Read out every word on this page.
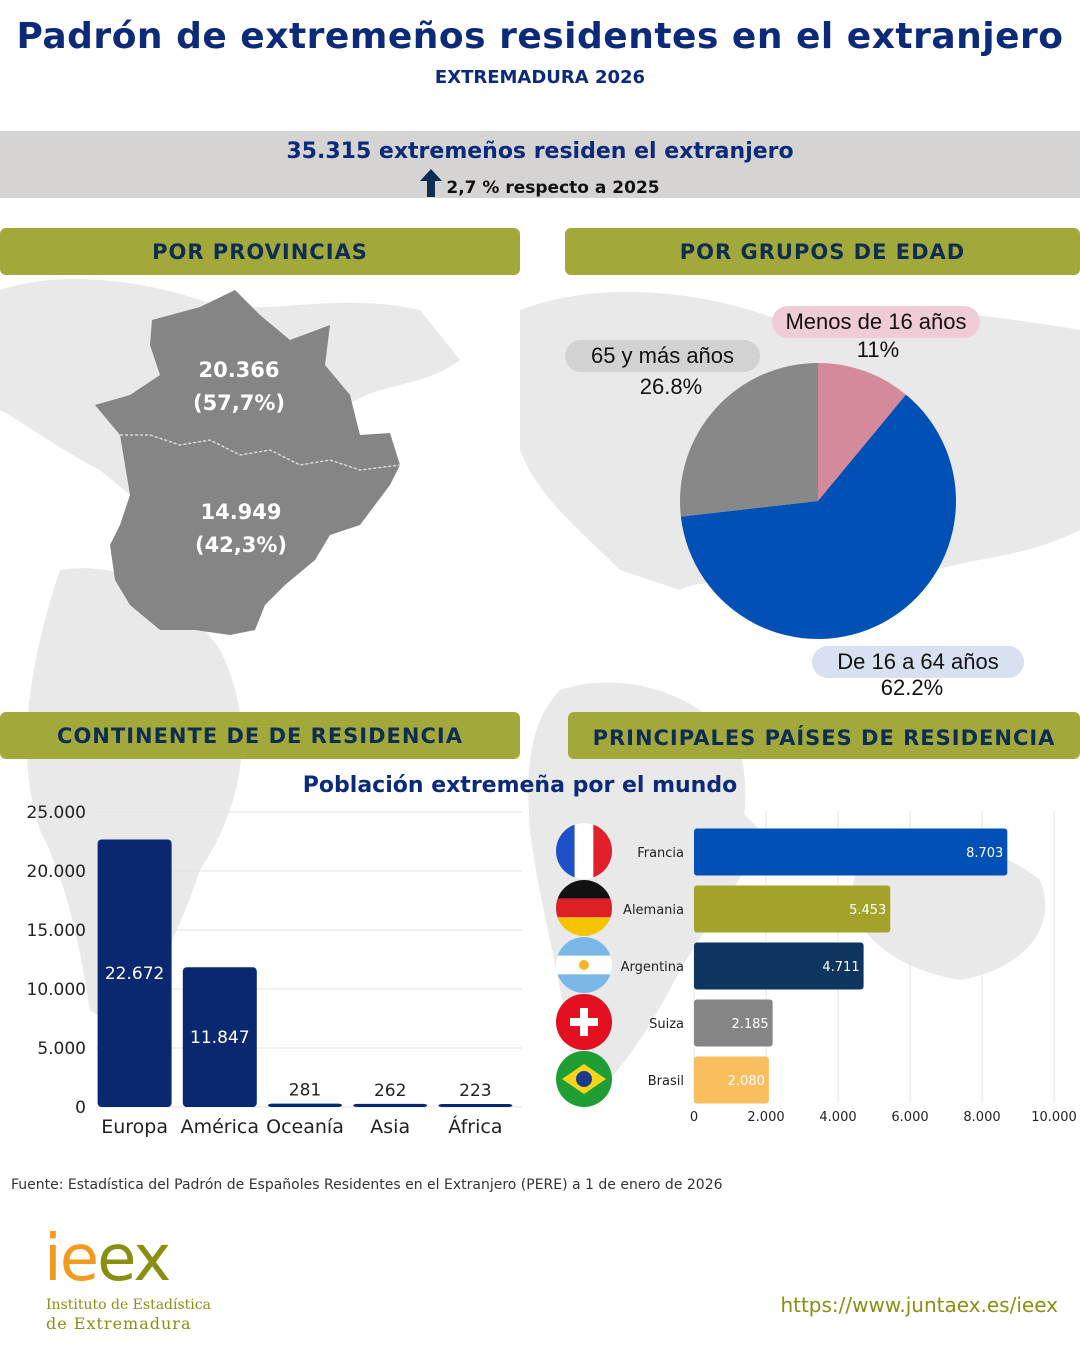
Padrón de extremeños residentes en el extranjero
EXTREMADURA 2026
35.315 extremeños residen el extranjero
2,7 % respecto a 2025
POR PROVINCIAS	POR GRUPOS DE EDAD
20.366
(57,7%)
14.949
(42,3%)
Menos de 16 años
11%
65 y más años
26.8%
De 16 a 64 años
62.2%
CONTINENTE DE DE RESIDENCIA	PRINCIPALES PAÍSES DE RESIDENCIA
Población extremeña por el mundo
0
5.000
10.000
15.000
20.000
25.000
22.672
Europa
11.847
América
281
Oceanía
262
Asia
223
África	0	2.000	4.000	6.000	8.000 10.000
8.703
Francia
5.453
Alemania
4.711
Argentina
2.185
Suiza
2.080
Brasil
Fuente: Estadística del Padrón de Españoles Residentes en el Extranjero (PERE) a 1 de enero de 2026
ieex
Instituto de Estadística
de Extremadura
https://www.juntaex.es/ieex
